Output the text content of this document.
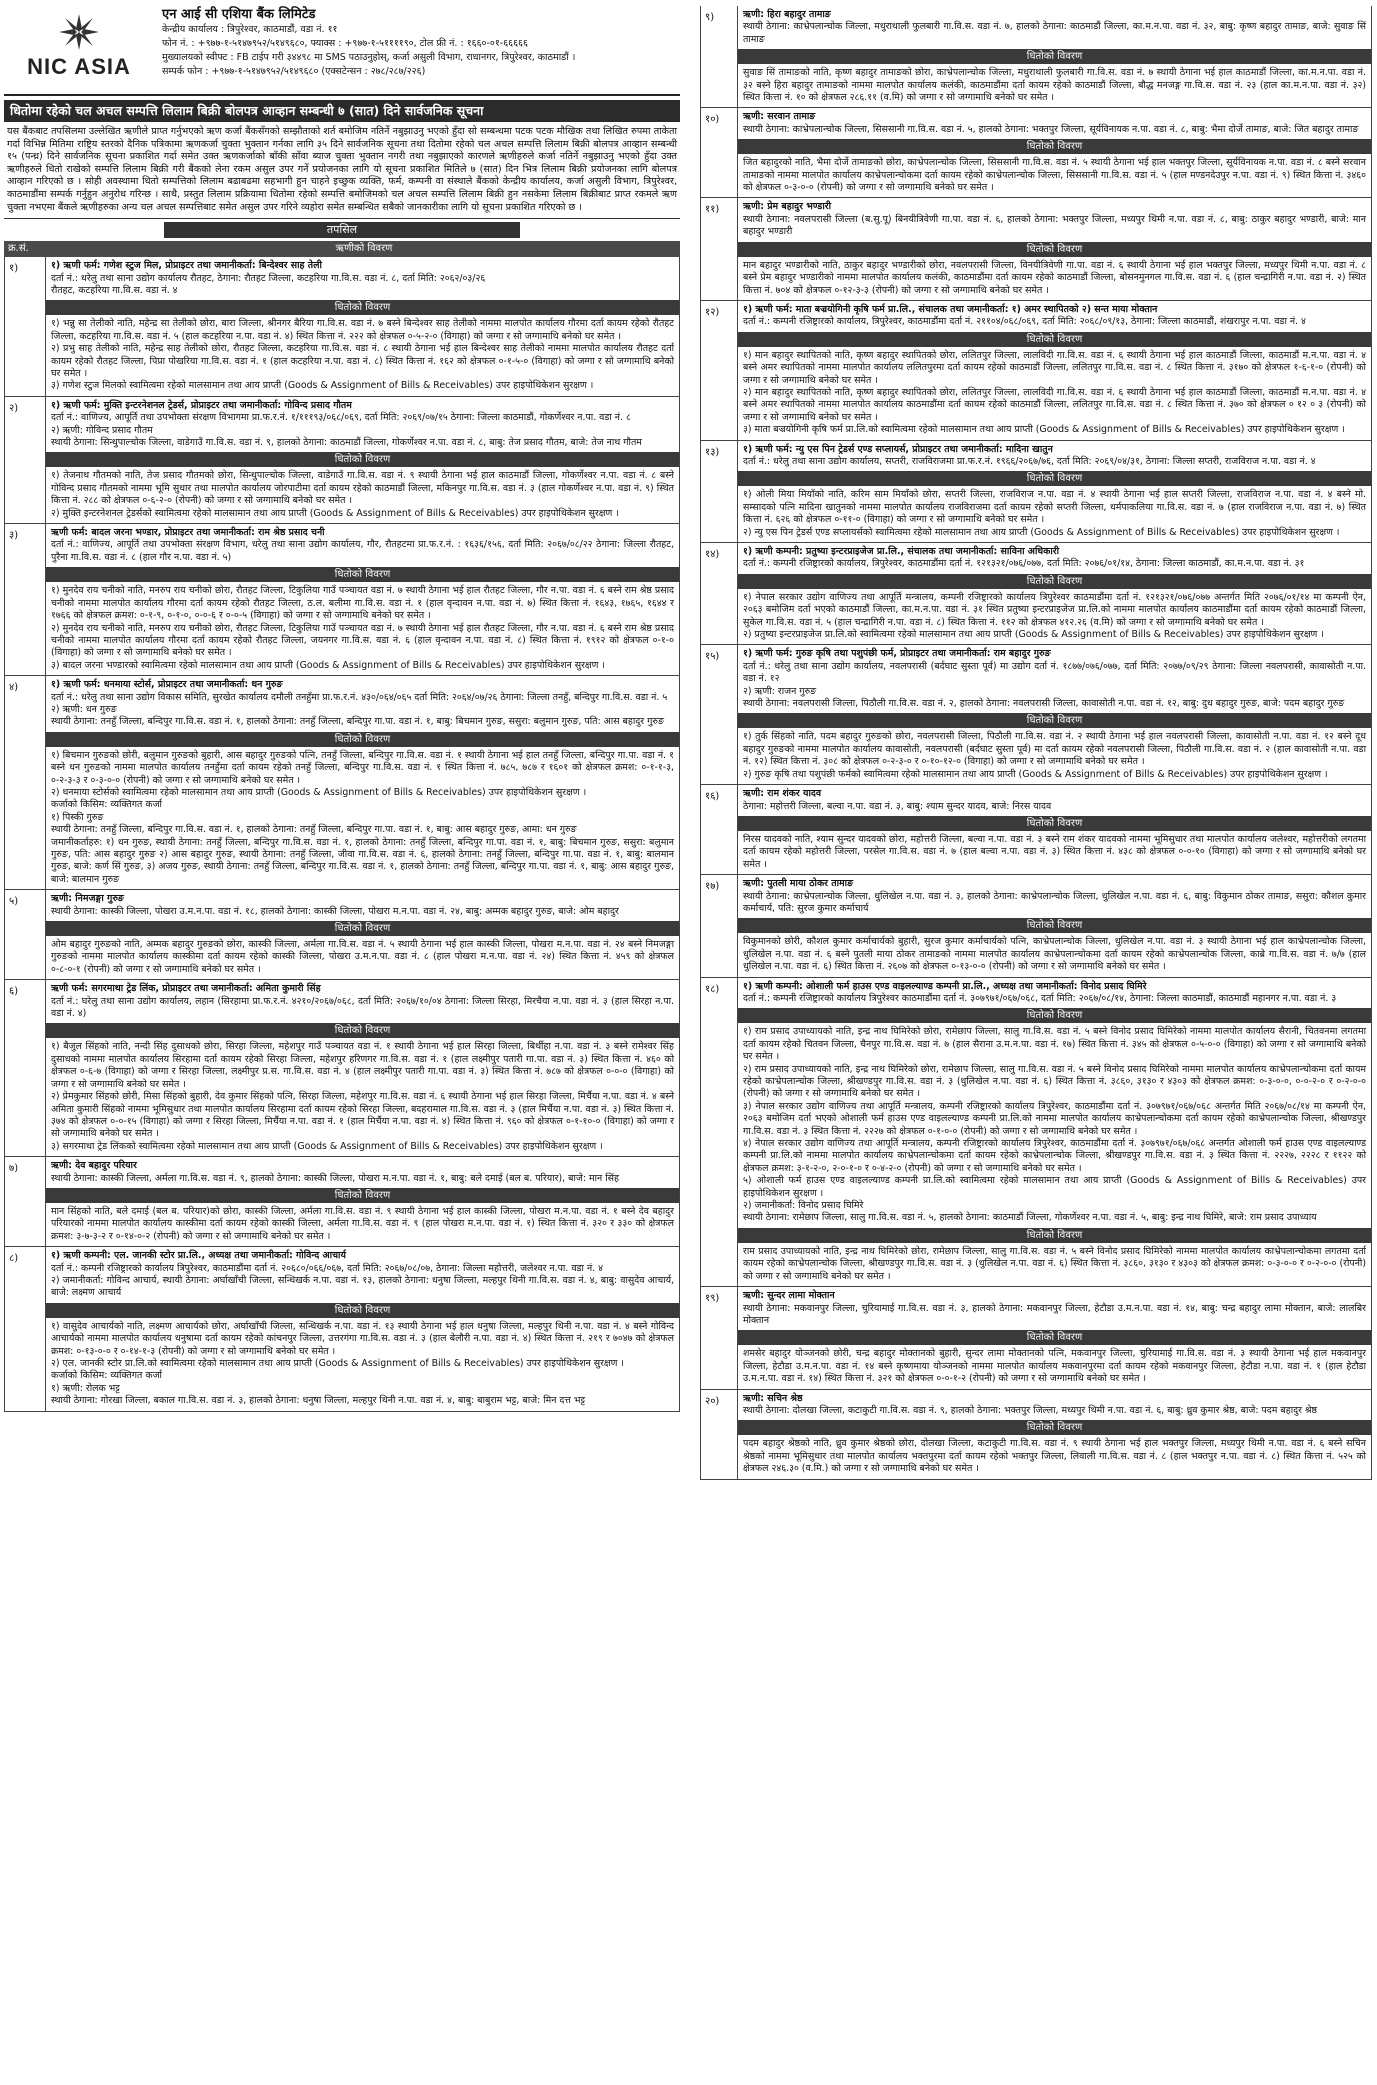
NIC ASIA
एन आई सी एशिया बैंक लिमिटेड
केन्द्रीय कार्यालय : त्रिपुरेश्वर, काठमाडौं, वडा नं. ११
फोन नं. : +९७७-१-५१४७९५२/५१४९६८०, फ्याक्स : +९७७-१-५११११९०, टोल फ्री नं. : १६६०-०१-६६६६६
मुख्यालयको स्वीफ्ट : FB टाईप गरी ३४४९८ मा SMS पठाउनुहोस्, कर्जा असुली विभाग, राधानगर, त्रिपुरेश्वर, काठमाडौं ।
सम्पर्क फोन : +९७७-१-५१४७९५२/५१४९६८० (एक्सटेन्सन : २७८/२८७/२२६)
धितोमा रहेको चल अचल सम्पत्ति लिलाम बिक्री बोलपत्र आव्हान सम्बन्धी ७ (सात) दिने सार्वजनिक सूचना
यस बैंकबाट तपसिलमा उल्लेखित ऋणीले प्राप्त गर्नुभएको ऋण कर्जा बैंकसँगको सम्झौताको शर्त बमोजिम नतिर्ने नबुझाउनु भएको हुँदा सो सम्बन्धमा पटक पटक मौखिक तथा लिखित रुपमा ताकेता गर्दा विभिन्न मितिमा राष्ट्रिय स्तरको दैनिक पत्रिकामा ऋणकर्जा चुक्ता भुक्तान गर्नका लागि ३५ दिने सार्वजनिक सूचना तथा दितोमा रहेको चल अचल सम्पत्ति लिलाम बिक्री बोलपत्र आव्हान सम्बन्धी १५ (पन्ध्र) दिने सार्वजनिक सूचना प्रकाशित गर्दा समेत उक्त ऋणकर्जाको बाँकी साँवा ब्याज चुक्ता भुक्तान नगरी तथा नबुझाएको कारणले ऋणीहरुले कर्जा नतिर्ने नबुझाउनु भएको हुँदा उक्त ऋणीहरुले धितो राखेको सम्पत्ति लिलाम बिक्री गरी बैंकको लेना रकम असुल उपर गर्ने प्रयोजनका लागि यो सूचना प्रकाशित मितिले ७ (सात) दिन भित्र लिलाम बिक्री प्रयोजनका लागि बोलपत्र आव्हान गरिएको छ । सोही अवस्थामा धितो सम्पत्तिको लिलाम बढाबढमा सहभागी हुन चाहने इच्छुक व्यक्ति, फर्म, कम्पनी वा संस्थाले बैंकको केन्द्रीय कार्यालय, कर्जा असुली विभाग, त्रिपुरेश्वर, काठमाडौंमा सम्पर्क गर्नुहुन अनुरोध गरिन्छ । साथै, प्रस्तुत लिलाम प्रक्रियामा धितोमा रहेको सम्पत्ति बमोजिमको चल अचल सम्पत्ति लिलाम बिक्री हुन नसकेमा लिलाम बिक्रीबाट प्राप्त रकमले ऋण चुक्ता नभएमा बैंकले ऋणीहरुका अन्य चल अचल सम्पत्तिबाट समेत असुल उपर गरिने व्यहोरा समेत सम्बन्धित सबैको जानकारीका लागि यो सूचना प्रकाशित गरिएको छ ।
तपसिल
क्र.सं.	ऋणीको विवरण
१)	१) ऋणी फर्म: गणेश स्टुज मिल, प्रोप्राइटर तथा जमानीकर्ता: बिन्देश्वर साह तेली
दर्ता नं.: धरेलु तथा साना उद्योग कार्यालय रौतहट, ठेगाना: रौतहट जिल्ला, कटहरिया गा.वि.स. वडा नं. ८, दर्ता मिति: २०६२/०३/२६
रौतहट, कटहरिया गा.वि.स. वडा नं. ४
धितोको विवरण
१) भन्नु सा तेलीको नाति, महेन्द्र सा तेलीको छोरा, बारा जिल्ला, श्रीनगर बैरिया गा.वि.स. वडा नं. ७ बस्ने बिन्देश्वर साह तेलीको नाममा मालपोत कार्यालय गौरमा दर्ता कायम रहेको रौतहट जिल्ला, कटहरिया गा.वि.स. वडा नं. ५ (हाल कटहरिया न.पा. वडा नं. ४) स्थित कित्ता नं. २२२ को क्षेत्रफल ०-५-२-० (विगाहा) को जग्गा र सो जग्गामाथि बनेको घर समेत ।
२) प्रभु साह तेलीको नाति, महेन्द्र साह तेलीको छोरा, रौतहट जिल्ला, कटहरिया गा.वि.स. वडा नं. ८ स्थायी ठेगाना भई हाल बिन्देश्वर साह तेलीको नाममा मालपोत कार्यालय रौतहट दर्ता कायम रहेको रौतहट जिल्ला, पिप्रा पोखरिया गा.वि.स. वडा नं. १ (हाल कटहरिया न.पा. वडा नं. ८) स्थित कित्ता नं. १६२ को क्षेत्रफल ०-१-५-० (विगाहा) को जग्गा र सो जग्गामाथि बनेको घर समेत ।
३) गणेश स्टुज मिलको स्वामित्वमा रहेको मालसामान तथा आय प्राप्ती (Goods & Assignment of Bills & Receivables) उपर हाइपोथिकेशन सुरक्षण ।
२)	१) ऋणी फर्म: मुक्ति इन्टरनेशनल ट्रेडर्स, प्रोप्राइटर तथा जमानीकर्ता: गोविन्द प्रसाद गौतम
दर्ता नं.: वाणिज्य, आपूर्ति तथा उपभोक्ता संरक्षण विभागमा प्रा.फ.र.नं. १/१११९३/०६८/०६९, दर्ता मिति: २०६९/०७/१५ ठेगाना: जिल्ला काठमाडौं, गोकर्णेश्वर न.पा. वडा नं. ८
२) ऋणी: गोविन्द प्रसाद गौतम
स्थायी ठेगाना: सिन्धुपाल्चोक जिल्ला, वाडेगाउँ गा.वि.स. वडा नं. ९, हालको ठेगाना: काठमाडौं जिल्ला, गोकर्णेश्वर न.पा. वडा नं. ८, बाबु: तेज प्रसाद गौतम, बाजे: तेज नाथ गौतम
धितोको विवरण
१) तेजनाथ गौतमको नाति, तेज प्रसाद गौतमको छोरा, सिन्धुपाल्चोक जिल्ला, वाडेगाउँ गा.वि.स. वडा नं. ९ स्थायी ठेगाना भई हाल काठमाडौं जिल्ला, गोकर्णेश्वर न.पा. वडा नं. ८ बस्ने गोविन्द प्रसाद गौतमको नाममा भूमि सुधार तथा मालपोत कार्यालय जोरपाटीमा दर्ता कायम रहेको काठमाडौं जिल्ला, मकिनपुर गा.वि.स. वडा नं. ३ (हाल गोकर्णेश्वर न.पा. वडा नं. ९) स्थित कित्ता नं. २८८ को क्षेत्रफल ०-६-२-० (रोपनी) को जग्गा र सो जग्गामाथि बनेको घर समेत ।
२) मुक्ति इन्टरनेशनल ट्रेडर्सको स्वामित्वमा रहेको मालसामान तथा आय प्राप्ती (Goods & Assignment of Bills & Receivables) उपर हाइपोथिकेशन सुरक्षण ।
३)	ऋणी फर्म: बादल जरना भण्डार, प्रोप्राइटर तथा जमानीकर्ता: राम श्रेष्ठ प्रसाद चनी
दर्ता नं.: वाणिज्य, आपूर्ति तथा उपभोक्ता संरक्षण विभाग, धरेलु तथा साना उद्योग कार्यालय, गौर, रौतहटमा प्रा.फ.र.नं. : १६३६/१५६, दर्ता मिति: २०६७/०८/२२ ठेगाना: जिल्ला रौतहट, पुरैना गा.वि.स. वडा नं. ८ (हाल गौर न.पा. वडा नं. ५)
धितोको विवरण
१) मुनदेव राय चनीको नाति, मनरुप राय चनीको छोरा, रौतहट जिल्ला, टिकुलिया गाउँ पञ्चायत वडा नं. ७ स्थायी ठेगाना भई हाल रौतहट जिल्ला, गौर न.पा. वडा नं. ६ बस्ने राम श्रेष्ठ प्रसाद चनीको नाममा मालपोत कार्यालय गौरमा दर्ता कायम रहेको रौतहट जिल्ला, ठ.ल. बलीमा गा.वि.स. वडा नं. १ (हाल वृन्दावन न.पा. वडा नं. ७) स्थित कित्ता नं. १६४३, १७६५, १६४४ र १७६६ को क्षेत्रफल क्रमश: ०-१-९, ०-१-०, ०-०-६ र ०-०-५ (विगाहा) को जग्गा र सो जग्गामाथि बनेको घर समेत ।
२) मुनदेव राय चनीको नाति, मनरुप राय चनीको छोरा, रौतहट जिल्ला, टिकुलिया गाउँ पञ्चायत वडा नं. ७ स्थायी ठेगाना भई हाल रौतहट जिल्ला, गौर न.पा. वडा नं. ६ बस्ने राम श्रेष्ठ प्रसाद चनीको नाममा मालपोत कार्यालय गौरमा दर्ता कायम रहेको रौतहट जिल्ला, जयनगर गा.वि.स. वडा नं. ६ (हाल वृन्दावन न.पा. वडा नं. ८) स्थित कित्ता नं. १९१२ को क्षेत्रफल ०-१-० (विगाहा) को जग्गा र सो जग्गामाथि बनेको घर समेत ।
३) बादल जरना भण्डारको स्वामित्वमा रहेको मालसामान तथा आय प्राप्ती (Goods & Assignment of Bills & Receivables) उपर हाइपोथिकेशन सुरक्षण ।
४)	१) ऋणी फर्म: धनमाया स्टोर्स, प्रोप्राइटर तथा जमानीकर्ता: धन गुरुङ
दर्ता नं.: धरेलु तथा साना उद्योग विकास समिति, सुरखेत कार्यालय दमौली तनहुँमा प्रा.फ.र.नं. ४३०/०६४/०६५ दर्ता मिति: २०६४/०७/२६ ठेगाना: जिल्ला तनहुँ, बन्दिपुर गा.वि.स. वडा नं. ५
२) ऋणी: धन गुरुङ
स्थायी ठेगाना: तनहुँ जिल्ला, बन्दिपुर गा.वि.स. वडा नं. १, हालको ठेगाना: तनहुँ जिल्ला, बन्दिपुर गा.पा. वडा नं. १, बाबु: बिचमान गुरुङ, ससुरा: बलुमान गुरुङ, पति: आस बहादुर गुरुङ
धितोको विवरण
१) बिचमान गुरुङको छोरी, बलुमान गुरुङको बुहारी, आस बहादुर गुरुङको पत्नि, तनहुँ जिल्ला, बन्दिपुर गा.वि.स. वडा नं. १ स्थायी ठेगाना भई हाल तनहुँ जिल्ला, बन्दिपुर गा.पा. वडा नं. १ बस्ने धन गुरुङको नाममा मालपोत कार्यालय तनहुँमा दर्ता कायम रहेको तनहुँ जिल्ला, बन्दिपुर गा.वि.स. वडा नं. १ स्थित कित्ता नं. ७८५, ७८७ र १६०१ को क्षेत्रफल क्रमश: ०-१-१-३, ०-२-३-३ र ०-३-०-० (रोपनी) को जग्गा र सो जग्गामाथि बनेको घर समेत ।
२) धनमाया स्टोर्सको स्वामित्वमा रहेको मालसामान तथा आय प्राप्ती (Goods & Assignment of Bills & Receivables) उपर हाइपोथिकेशन सुरक्षण ।
कर्जाको किसिम: व्यक्तिगत कर्जा
१) पिस्की गुरुङ
स्थायी ठेगाना: तनहुँ जिल्ला, बन्दिपुर गा.वि.स. वडा नं. १, हालको ठेगाना: तनहुँ जिल्ला, बन्दिपुर गा.पा. वडा नं. १, बाबु: आस बहादुर गुरुङ, आमा: धन गुरुङ
जमानीकर्ताहरु: १) धन गुरुङ, स्थायी ठेगाना: तनहुँ जिल्ला, बन्दिपुर गा.वि.स. वडा नं. १, हालको ठेगाना: तनहुँ जिल्ला, बन्दिपुर गा.पा. वडा नं. १, बाबु: बिचमान गुरुङ, ससुरा: बलुमान गुरुङ, पति: आस बहादुर गुरुङ २) आस बहादुर गुरुङ, स्थायी ठेगाना: तनहुँ जिल्ला, जीवा गा.वि.स. वडा नं. ६, हालको ठेगाना: तनहुँ जिल्ला, बन्दिपुर गा.पा. वडा नं. १, बाबु: बालमान गुरुङ, बाजे: कर्ण सिं गुरुङ, ३) अजय गुरुङ, स्थायी ठेगाना: तनहुँ जिल्ला, बन्दिपुर गा.वि.स. वडा नं. १, हालको ठेगाना: तनहुँ जिल्ला, बन्दिपुर गा.पा. वडा नं. १, बाबु: आस बहादुर गुरुङ, बाजे: बालमान गुरुङ
५)	ऋणी: निमजङ्गा गुरुङ
स्थायी ठेगाना: कास्की जिल्ला, पोखरा उ.म.न.पा. वडा नं. १८, हालको ठेगाना: कास्की जिल्ला, पोखरा म.न.पा. वडा नं. २४, बाबु: अम्मक बहादुर गुरुङ, बाजे: ओम बहादुर
धितोको विवरण
ओम बहादुर गुरुङको नाति, अम्मक बहादुर गुरुङको छोरा, कास्की जिल्ला, अर्मला गा.वि.स. वडा नं. ५ स्थायी ठेगाना भई हाल कास्की जिल्ला, पोखरा म.न.पा. वडा नं. २४ बस्ने निमजङ्गा गुरुङको नाममा मालपोत कार्यालय कास्कीमा दर्ता कायम रहेको कास्की जिल्ला, पोखरा उ.म.न.पा. वडा नं. ८ (हाल पोखरा म.न.पा. वडा नं. २४) स्थित कित्ता नं. ४५९ को क्षेत्रफल ०-८-०-१ (रोपनी) को जग्गा र सो जग्गामाथि बनेको घर समेत ।
६)	ऋणी फर्म: सगरमाथा ट्रेड लिंक, प्रोप्राइटर तथा जमानीकर्ता: अमिता कुमारी सिंह
दर्ता नं.: घरेलु तथा साना उद्योग कार्यालय, लहान (सिरहामा प्रा.फ.र.नं. ४२१०/२०६७/०६८, दर्ता मिति: २०६७/१०/०४ ठेगाना: जिल्ला सिरहा, मिरचैया न.पा. वडा नं. ३ (हाल सिरहा न.पा. वडा नं. ४)
धितोको विवरण
१) बैजुल सिंहको नाति, नन्दी सिंह दुसाधको छोरा, सिरहा जिल्ला, महेशपुर गाउँ पञ्चायत वडा नं. १ स्थायी ठेगाना भई हाल सिरहा जिल्ला, बिर्थीहा न.पा. वडा नं. ३ बस्ने रामेश्वर सिंह दुसाधको नाममा मालपोत कार्यालय सिरहामा दर्ता कायम रहेको सिरहा जिल्ला, महेशपुर हरिणगर गा.वि.स. वडा नं. १ (हाल लक्ष्मीपुर पतारी गा.पा. वडा नं. ३) स्थित कित्ता नं. ४६० को क्षेत्रफल ०-६-७ (विगाहा) को जग्गा र सिरहा जिल्ला, लक्ष्मीपुर प्र.स. गा.वि.स. वडा नं. ४ (हाल लक्ष्मीपुर पतारी गा.पा. वडा नं. ३) स्थित कित्ता नं. ७८७ को क्षेत्रफल ०-०-० (विगाहा) को जग्गा र सो जग्गामाथि बनेको घर समेत ।
२) प्रेमकुमार सिंहको छोरी, मिसा सिंहको बुहारी, देव कुमार सिंहको पत्नि, सिरहा जिल्ला, महेशपुर गा.वि.स. वडा नं. ६ स्थायी ठेगाना भई हाल सिरहा जिल्ला, मिर्चैया न.पा. वडा नं. ४ बस्ने अमिता कुमारी सिंहको नाममा भूमिसुधार तथा मालपोत कार्यालय सिरहामा दर्ता कायम रहेको सिरहा जिल्ला, बदहरामाल गा.वि.स. वडा नं. ३ (हाल मिर्चैया न.पा. वडा नं. ३) स्थित कित्ता नं. ३७४ को क्षेत्रफल ०-०-१५ (विगाहा) को जग्गा र सिरहा जिल्ला, मिर्चैया न.पा. वडा नं. १ (हाल मिर्चैया न.पा. वडा नं. ४) स्थित कित्ता नं. ९६० को क्षेत्रफल ०-१-१०-० (विगाहा) को जग्गा र सो जग्गामाथि बनेको घर समेत ।
३) सगरमाथा ट्रेड लिंकको स्वामित्वमा रहेको मालसामान तथा आय प्राप्ती (Goods & Assignment of Bills & Receivables) उपर हाइपोथिकेशन सुरक्षण ।
७)	ऋणी: देव बहादुर परियार
स्थायी ठेगाना: कास्की जिल्ला, अर्मला गा.वि.स. वडा नं. ९, हालको ठेगाना: कास्की जिल्ला, पोखरा म.न.पा. वडा नं. १, बाबु: बले दमाई (बल ब. परियार), बाजे: मान सिंह
धितोको विवरण
मान सिंहको नाति, बले दमाई (बल ब. परियार)को छोरा, कास्की जिल्ला, अर्मला गा.वि.स. वडा नं. ९ स्थायी ठेगाना भई हाल कास्की जिल्ला, पोखरा म.न.पा. वडा नं. १ बस्ने देव बहादुर परियारको नाममा मालपोत कार्यालय कास्कीमा दर्ता कायम रहेको कास्की जिल्ला, अर्मला गा.वि.स. वडा नं. ९ (हाल पोखरा म.न.पा. वडा नं. १) स्थित कित्ता नं. ३२० र ३३० को क्षेत्रफल क्रमश: ३-७-३-२ र ०-१४-०-२ (रोपनी) को जग्गा र सो जग्गामाथि बनेको घर समेत ।
८)	१) ऋणी कम्पनी: एल. जानकी स्टोर प्रा.लि., अध्यक्ष तथा जमानीकर्ता: गोविन्द आचार्य
दर्ता नं.: कम्पनी रजिष्ट्रारको कार्यालय त्रिपुरेश्वर, काठमाडौंमा दर्ता नं. २०६८०/०६६/०६७, दर्ता मिति: २०६७/०८/०७, ठेगाना: जिल्ला महोत्तरी, जलेश्वर न.पा. वडा नं. ४
२) जमानीकर्ता: गोविन्द आचार्य, स्थायी ठेगाना: अर्घाखाँची जिल्ला, सन्धिखर्क न.पा. वडा नं. १३, हालको ठेगाना: धनुषा जिल्ला, मल्हपुर थिनी गा.वि.स. वडा नं. ४, बाबु: वासुदेव आचार्य, बाजे: लक्ष्मण आचार्य
धितोको विवरण
१) वासुदेव आचार्यको नाति, लक्ष्मण आचार्यको छोरा, अर्घाखाँची जिल्ला, सन्धिखर्क न.पा. वडा नं. १३ स्थायी ठेगाना भई हाल धनुषा जिल्ला, मल्हपुर थिनी न.पा. वडा नं. ४ बस्ने गोविन्द आचार्यको नाममा मालपोत कार्यालय धनुषामा दर्ता कायम रहेको कांचनपुर जिल्ला, उत्तरगंगा गा.वि.स. वडा नं. ३ (हाल बेलौरी न.पा. वडा नं. ४) स्थित कित्ता नं. २१९ र ७०४७ को क्षेत्रफल क्रमश: ०-१३-०-० र ०-१४-१-३ (रोपनी) को जग्गा र सो जग्गामाथि बनेको घर समेत ।
२) एल. जानकी स्टोर प्रा.लि.को स्वामित्वमा रहेको मालसामान तथा आय प्राप्ती (Goods & Assignment of Bills & Receivables) उपर हाइपोथिकेशन सुरक्षण ।
कर्जाको किसिम: व्यक्तिगत कर्जा
१) ऋणी: रोलक भट्ट
स्थायी ठेगाना: गोरखा जिल्ला, बकाल गा.वि.स. वडा नं. ३, हालको ठेगाना: धनुषा जिल्ला, मल्हपुर थिनी न.पा. वडा नं. ४, बाबु: बाबुराम भट्ट, बाजे: मिन दत्त भट्ट
९)	ऋणी: हिरा बहादुर तामाङ
स्थायी ठेगाना: काभ्रेपलान्चोक जिल्ला, मधुराथाली फुलबारी गा.वि.स. वडा नं. ७, हालको ठेगाना: काठमाडौं जिल्ला, का.म.न.पा. वडा नं. ३२, बाबु: कृष्ण बहादुर तामाङ, बाजे: सुवाङ सिं तामाङ
धितोको विवरण
सुवाङ सिं तामाङको नाति, कृष्ण बहादुर तामाङको छोरा, काभ्रेपलान्चोक जिल्ला, मधुराथाली फुलबारी गा.वि.स. वडा नं. ७ स्थायी ठेगाना भई हाल काठमाडौं जिल्ला, का.म.न.पा. वडा नं. ३२ बस्ने हिरा बहादुर तामाङको नाममा मालपोत कार्यालय कलंकी, काठमाडौंमा दर्ता कायम रहेको काठमाडौं जिल्ला, बौद्ध मनजङ्ग गा.वि.स. वडा नं. २३ (हाल का.म.न.पा. वडा नं. ३२) स्थित कित्ता नं. १० को क्षेत्रफल २८६.११ (व.मि) को जग्गा र सो जग्गामाथि बनेको घर समेत ।
१०)	ऋणी: सरवान तामाङ
स्थायी ठेगाना: काभ्रेपलान्चोक जिल्ला, सिससानी गा.वि.स. वडा नं. ५, हालको ठेगाना: भक्तपुर जिल्ला, सूर्यविनायक न.पा. वडा नं. ८, बाबु: भैमा दोर्जे तामाङ, बाजे: जित बहादुर तामाङ
धितोको विवरण
जित बहादुरको नाति, भैमा दोर्जे तामाङको छोरा, काभ्रेपलान्चोक जिल्ला, सिससानी गा.वि.स. वडा नं. ५ स्थायी ठेगाना भई हाल भक्तपुर जिल्ला, सूर्यविनायक न.पा. वडा नं. ८ बस्ने सरवान तामाङको नाममा मालपोत कार्यालय काभ्रेपलान्चोकमा दर्ता कायम रहेको काभ्रेपलान्चोक जिल्ला, सिससानी गा.वि.स. वडा नं. ५ (हाल मण्डनदेउपुर न.पा. वडा नं. ९) स्थित कित्ता नं. ३४६० को क्षेत्रफल ०-३-०-० (रोपनी) को जग्गा र सो जग्गामाथि बनेको घर समेत ।
११)	ऋणी: प्रेम बहादुर भण्डारी
स्थायी ठेगाना: नवलपरासी जिल्ला (ब.सु.पू) बिनयीत्रिवेणी गा.पा. वडा नं. ६, हालको ठेगाना: भक्तपुर जिल्ला, मध्यपुर थिमी न.पा. वडा नं. ८, बाबु: ठाकुर बहादुर भण्डारी, बाजे: मान बहादुर भण्डारी
धितोको विवरण
मान बहादुर भण्डारीको नाति, ठाकुर बहादुर भण्डारीको छोरा, नवलपरासी जिल्ला, विनयीत्रिवेणी गा.पा. वडा नं. ६ स्थायी ठेगाना भई हाल भक्तपुर जिल्ला, मध्यपुर थिमी न.पा. वडा नं. ८ बस्ने प्रेम बहादुर भण्डारीको नाममा मालपोत कार्यालय कलंकी, काठमाडौंमा दर्ता कायम रहेको काठमाडौं जिल्ला, बोसनमुनगल गा.वि.स. वडा नं. ६ (हाल चन्द्रागिरी न.पा. वडा नं. २) स्थित कित्ता नं. ७०४ को क्षेत्रफल ०-१२-३-३ (रोपनी) को जग्गा र सो जग्गामाथि बनेको घर समेत ।
१२)	१) ऋणी फर्म: माता बज्रयोगिनी कृषि फर्म प्रा.लि., संचालक तथा जमानीकर्ता: १) अमर स्थापितको २) सन्त माया मोक्तान
दर्ता नं.: कम्पनी रजिष्ट्रारको कार्यालय, त्रिपुरेश्वर, काठमाडौंमा दर्ता नं. २११०४/०६८/०६९, दर्ता मिति: २०६८/०९/१३, ठेगाना: जिल्ला काठमाडौं, शंखरापुर न.पा. वडा नं. ४
धितोको विवरण
१) मान बहादुर स्थापितको नाति, कृष्ण बहादुर स्थापितको छोरा, ललितपुर जिल्ला, लालविदी गा.वि.स. वडा नं. ६ स्थायी ठेगाना भई हाल काठमाडौं जिल्ला, काठमाडौं म.न.पा. वडा नं. ४ बस्ने अमर स्थापितको नाममा मालपोत कार्यालय ललितपुरमा दर्ता कायम रहेको काठमाडौं जिल्ला, ललितपुर गा.वि.स. वडा नं. ८ स्थित कित्ता नं. ३१७० को क्षेत्रफल १-६-१-० (रोपनी) को जग्गा र सो जग्गामाथि बनेको घर समेत ।
२) मान बहादुर स्थापितको नाति, कृष्ण बहादुर स्थापितको छोरा, ललितपुर जिल्ला, लालविदी गा.वि.स. वडा नं. ६ स्थायी ठेगाना भई हाल काठमाडौं जिल्ला, काठमाडौं म.न.पा. वडा नं. ४ बस्ने अमर स्थापितको नाममा मालपोत कार्यालय काठमाडौंमा दर्ता कायम रहेको काठमाडौं जिल्ला, ललितपुर गा.वि.स. वडा नं. ८ स्थित कित्ता नं. ३७० को क्षेत्रफल ० १२ ० ३ (रोपनी) को जग्गा र सो जग्गामाथि बनेको घर समेत ।
३) माता बज्रयोगिनी कृषि फर्म प्रा.लि.को स्वामित्वमा रहेको मालसामान तथा आय प्राप्ती (Goods & Assignment of Bills & Receivables) उपर हाइपोथिकेशन सुरक्षण ।
१३)	१) ऋणी फर्म: न्यु एस पिन ट्रेडर्स एण्ड सप्लायर्स, प्रोप्राइटर तथा जमानीकर्ता: मादिना खातुन
दर्ता नं.: धरेलु तथा साना उद्योग कार्यालय, सप्तरी, राजविराजमा प्रा.फ.र.नं. १९६६/२०६७/७६, दर्ता मिति: २०६९/०४/३१, ठेगाना: जिल्ला सप्तरी, राजविराज न.पा. वडा नं. ४
धितोको विवरण
१) ओली मिया मियाँको नाति, करिम साम मियाँको छोरा, सप्तरी जिल्ला, राजविराज न.पा. वडा नं. ४ स्थायी ठेगाना भई हाल सप्तरी जिल्ला, राजविराज न.पा. वडा नं. ४ बस्ने मो. सम्सादको पत्नि मादिना खातुनको नाममा मालपोत कार्यालय राजविराजमा दर्ता कायम रहेको सप्तरी जिल्ला, धर्मपाकलिया गा.वि.स. वडा नं. ७ (हाल राजविराज न.पा. वडा नं. ७) स्थित कित्ता नं. ६२६ को क्षेत्रफल ०-११-० (विगाहा) को जग्गा र सो जग्गामाथि बनेको घर समेत ।
२) न्यु एस पिन ट्रेडर्स एण्ड सप्लायर्सको स्वामित्वमा रहेको मालसामान तथा आय प्राप्ती (Goods & Assignment of Bills & Receivables) उपर हाइपोथिकेशन सुरक्षण ।
१४)	१) ऋणी कम्पनी: प्रतुष्या इन्टरप्राइजेज प्रा.लि., संचालक तथा जमानीकर्ता: साविना अधिकारी
दर्ता नं.: कम्पनी रजिष्ट्रारको कार्यालय, त्रिपुरेश्वर, काठमाडौंमा दर्ता नं. १२१३२१/०७६/०७७, दर्ता मिति: २०७६/०१/१४, ठेगाना: जिल्ला काठमाडौं, का.म.न.पा. वडा नं. ३१
धितोको विवरण
१) नेपाल सरकार उद्योग वाणिज्य तथा आपूर्ति मन्त्रालय, कम्पनी रजिष्ट्रारको कार्यालय त्रिपुरेश्वर काठमाडौंमा दर्ता नं. १२१३२१/०७६/०७७ अन्तर्गत मिति २०७६/०१/१४ मा कम्पनी ऐन, २०६३ बमोजिम दर्ता भएको काठमाडौं जिल्ला, का.म.न.पा. वडा नं. ३१ स्थित प्रतुष्या इन्टरप्राइजेज प्रा.लि.को नाममा मालपोत कार्यालय काठमाडौंमा दर्ता कायम रहेको काठमाडौं जिल्ला, सुकेल गा.वि.स. वडा नं. ५ (हाल चन्द्रागिरी न.पा. वडा नं. ८) स्थित कित्ता नं. ११२ को क्षेत्रफल ४१२.२६ (व.मि) को जग्गा र सो जग्गामाथि बनेको घर समेत ।
२) प्रतुष्या इन्टरप्राइजेज प्रा.लि.को स्वामित्वमा रहेको मालसामान तथा आय प्राप्ती (Goods & Assignment of Bills & Receivables) उपर हाइपोथिकेशन सुरक्षण ।
१५)	१) ऋणी फर्म: गुरुङ कृषि तथा पशुपंछी फर्म, प्रोप्राइटर तथा जमानीकर्ता: राम बहादुर गुरुङ
दर्ता नं.: धरेलु तथा साना उद्योग कार्यालय, नवलपरासी (बर्दघाट सुस्ता पूर्व) मा उद्योग दर्ता नं. १८७७/०७६/०७७, दर्ता मिति: २०७७/०९/२९ ठेगाना: जिल्ला नवलपरासी, कावासोती न.पा. वडा नं. १२
२) ऋणी: राजन गुरुङ
स्थायी ठेगाना: नवलपरासी जिल्ला, पिठौली गा.वि.स. वडा नं. २, हालको ठेगाना: नवलपरासी जिल्ला, कावासोती न.पा. वडा नं. १२, बाबु: दुध बहादुर गुरुङ, बाजे: पदम बहादुर गुरुङ
धितोको विवरण
१) तुर्क सिंहको नाति, पदम बहादुर गुरुङको छोरा, नवलपरासी जिल्ला, पिठौली गा.वि.स. वडा नं. २ स्थायी ठेगाना भई हाल नवलपरासी जिल्ला, कावासोती न.पा. वडा नं. १२ बस्ने दूध बहादुर गुरुङको नाममा मालपोत कार्यालय कावासोती, नवलपरासी (बर्दघाट सुस्ता पूर्व) मा दर्ता कायम रहेको नवलपरासी जिल्ला, पिठौली गा.वि.स. वडा नं. २ (हाल कावासोती न.पा. वडा नं. १२) स्थित कित्ता नं. ३०८ को क्षेत्रफल ०-२-३-० र ०-१०-१२-० (विगाहा) को जग्गा र सो जग्गामाथि बनेको घर समेत ।
२) गुरुङ कृषि तथा पशुपंछी फर्मको स्वामित्वमा रहेको मालसामान तथा आय प्राप्ती (Goods & Assignment of Bills & Receivables) उपर हाइपोथिकेशन सुरक्षण ।
१६)	ऋणी: राम शंकर यादव
ठेगाना: महोत्तरी जिल्ला, बल्वा न.पा. वडा नं. ३, बाबु: श्याम सुन्दर यादव, बाजे: निरस यादव
धितोको विवरण
निरस यादवको नाति, श्याम सुन्दर यादवको छोरा, महोत्तरी जिल्ला, बल्वा न.पा. वडा नं. ३ बस्ने राम शंकर यादवको नाममा भूमिसुधार तथा मालपोत कार्यालय जलेश्वर, महोत्तरीको लगतमा दर्ता कायम रहेको महोत्तरी जिल्ला, परसेल गा.वि.स. वडा नं. ७ (हाल बल्वा न.पा. वडा नं. ३) स्थित कित्ता नं. ४३८ को क्षेत्रफल ०-०-१० (विगाहा) को जग्गा र सो जग्गामाथि बनेको घर समेत ।
१७)	ऋणी: पुतली माया ठोकर तामाङ
स्थायी ठेगाना: काभ्रेपलान्चोक जिल्ला, धुलिखेल न.पा. वडा नं. ३, हालको ठेगाना: काभ्रेपलान्चोक जिल्ला, धुलिखेल न.पा. वडा नं. ६, बाबु: विकुमान ठोकर तामाङ, ससुरा: कौशल कुमार कर्माचार्य, पति: सुरज कुमार कर्माचार्य
धितोको विवरण
विकुमानको छोरी, कौशल कुमार कर्माचार्यको बुहारी, सुरज कुमार कर्माचार्यको पत्नि, काभ्रेपलान्चोक जिल्ला, धुलिखेल न.पा. वडा नं. ३ स्थायी ठेगाना भई हाल काभ्रेपलान्चोक जिल्ला, धुलिखेल न.पा. वडा नं. ६ बस्ने पुतली माया ठोकर तामाङको नाममा मालपोत कार्यालय काभ्रेपलान्चोकमा दर्ता कायम रहेको काभ्रेपलान्चोक जिल्ला, काब्रे गा.वि.स. वडा नं. ७/७ (हाल धुलिखेल न.पा. वडा नं. ६) स्थित कित्ता नं. २६०७ को क्षेत्रफल ०-१३-०-० (रोपनी) को जग्गा र सो जग्गामाथि बनेको घर समेत ।
१८)	१) ऋणी कम्पनी: ओशाली फर्म हाउस एण्ड वाइलल्याण्ड कम्पनी प्रा.लि., अध्यक्ष तथा जमानीकर्ता: विनोद प्रसाद घिमिरे
दर्ता नं.: कम्पनी रजिष्ट्रारको कार्यालय त्रिपुरेश्वर काठमाडौंमा दर्ता नं. ३०७९७१/०६७/०६८, दर्ता मिति: २०६७/०८/१४, ठेगाना: जिल्ला काठमाडौं, काठमाडौं महानगर न.पा. वडा नं. ३
धितोको विवरण
१) राम प्रसाद उपाध्यायको नाति, इन्द्र नाथ घिमिरेको छोरा, रामेछाप जिल्ला, सालु गा.वि.स. वडा नं. ५ बस्ने विनोद प्रसाद घिमिरेको नाममा मालपोत कार्यालय सैरानी, चितवनमा लगतमा दर्ता कायम रहेको चितवन जिल्ला, चैनपुर गा.वि.स. वडा नं. ७ (हाल सैराना उ.म.न.पा. वडा नं. १७) स्थित कित्ता नं. ३४५ को क्षेत्रफल ०-५-०-० (विगाहा) को जग्गा र सो जग्गामाथि बनेको घर समेत ।
२) राम प्रसाद उपाध्यायको नाति, इन्द्र नाथ घिमिरेको छोरा, रामेछाप जिल्ला, सालु गा.वि.स. वडा नं. ५ बस्ने विनोद प्रसाद घिमिरेको नाममा मालपोत कार्यालय काभ्रेपलान्चोकमा दर्ता कायम रहेको काभ्रेपलान्चोक जिल्ला, श्रीखण्डपुर गा.वि.स. वडा नं. ३ (धुलिखेल न.पा. वडा नं. ६) स्थित कित्ता नं. ३८६०, ३१३० र ४३०३ को क्षेत्रफल क्रमश: ०-३-०-०, ०-०-२-० र ०-२-०-० (रोपनी) को जग्गा र सो जग्गामाथि बनेको घर समेत ।
३) नेपाल सरकार उद्योग वाणिज्य तथा आपूर्ति मन्त्रालय, कम्पनी रजिष्ट्रारको कार्यालय त्रिपुरेश्वर, काठमाडौंमा दर्ता नं. ३०७९७१/०६७/०६८ अन्तर्गत मिति २०६७/०८/१४ मा कम्पनी ऐन, २०६३ बमोजिम दर्ता भएको ओशाली फर्म हाउस एण्ड वाइलल्याण्ड कम्पनी प्रा.लि.को नाममा मालपोत कार्यालय काभ्रेपलान्चोकमा दर्ता कायम रहेको काभ्रेपलान्चोक जिल्ला, श्रीखण्डपुर गा.वि.स. वडा नं. ३ स्थित कित्ता नं. २२२७ को क्षेत्रफल ०-१-०-० (रोपनी) को जग्गा र सो जग्गामाथि बनेको घर समेत ।
४) नेपाल सरकार उद्योग वाणिज्य तथा आपूर्ति मन्त्रालय, कम्पनी रजिष्ट्रारको कार्यालय त्रिपुरेश्वर, काठमाडौंमा दर्ता नं. ३०७९७१/०६७/०६८ अन्तर्गत ओशाली फर्म हाउस एण्ड वाइलल्याण्ड कम्पनी प्रा.लि.को नाममा मालपोत कार्यालय काभ्रेपलान्चोकमा दर्ता कायम रहेको काभ्रेपलान्चोक जिल्ला, श्रीखण्डपुर गा.वि.स. वडा नं. ३ स्थित कित्ता नं. २२२७, २२२८ र ११२२ को क्षेत्रफल क्रमश: ३-१-२-०, २-०-१-० र ०-४-२-० (रोपनी) को जग्गा र सो जग्गामाथि बनेको घर समेत ।
५) ओशाली फर्म हाउस एण्ड वाइलल्याण्ड कम्पनी प्रा.लि.को स्वामित्वमा रहेको मालसामान तथा आय प्राप्ती (Goods & Assignment of Bills & Receivables) उपर हाइपोथिकेशन सुरक्षण ।
२) जमानीकर्ता: विनोद प्रसाद घिमिरे
स्थायी ठेगाना: रामेछाप जिल्ला, सालु गा.वि.स. वडा नं. ५, हालको ठेगाना: काठमाडौं जिल्ला, गोकर्णेश्वर न.पा. वडा नं. ५, बाबु: इन्द्र नाथ घिमिरे, बाजे: राम प्रसाद उपाध्याय
धितोको विवरण
राम प्रसाद उपाध्यायको नाति, इन्द्र नाथ घिमिरेको छोरा, रामेछाप जिल्ला, सालु गा.वि.स. वडा नं. ५ बस्ने विनोद प्रसाद घिमिरेको नाममा मालपोत कार्यालय काभ्रेपलान्चोकमा लगतमा दर्ता कायम रहेको काभ्रेपलान्चोक जिल्ला, श्रीखण्डपुर गा.वि.स. वडा नं. ३ (धुलिखेल न.पा. वडा नं. ६) स्थित कित्ता नं. ३८६०, ३१३० र ४३०३ को क्षेत्रफल क्रमश: ०-३-०-० र ०-२-०-० (रोपनी) को जग्गा र सो जग्गामाथि बनेको घर समेत ।
१९)	ऋणी: सुन्दर लामा मोक्तान
स्थायी ठेगाना: मकवानपुर जिल्ला, चुरियामाई गा.वि.स. वडा नं. ३, हालको ठेगाना: मकवानपुर जिल्ला, हेटौडा उ.म.न.पा. वडा नं. १४, बाबु: चन्द्र बहादुर लामा मोक्तान, बाजे: लालबिर मोक्तान
धितोको विवरण
शमसेर बहादुर योञ्जनको छोरी, चन्द्र बहादुर मोक्तानको बुहारी, सुन्दर लामा मोक्तानको पत्नि, मकवानपुर जिल्ला, चुरियामाई गा.वि.स. वडा नं. ३ स्थायी ठेगाना भई हाल मकवानपुर जिल्ला, हेटौडा उ.म.न.पा. वडा नं. १४ बस्ने कृष्णमाया योञ्जनको नाममा मालपोत कार्यालय मकवानपुरमा दर्ता कायम रहेको मकवानपुर जिल्ला, हेटौडा न.पा. वडा नं. १ (हाल हेटौडा उ.म.न.पा. वडा नं. १४) स्थित कित्ता नं. ३२१ को क्षेत्रफल ०-०-१-२ (रोपनी) को जग्गा र सो जग्गामाथि बनेको घर समेत ।
२०)	ऋणी: सचिन श्रेष्ठ
स्थायी ठेगाना: दोलखा जिल्ला, कटाकुटी गा.वि.स. वडा नं. ९, हालको ठेगाना: भक्तपुर जिल्ला, मध्यपुर थिमी न.पा. वडा नं. ६, बाबु: ध्रुव कुमार श्रेष्ठ, बाजे: पदम बहादुर श्रेष्ठ
धितोको विवरण
पदम बहादुर श्रेष्ठको नाति, ध्रुव कुमार श्रेष्ठको छोरा, दोलखा जिल्ला, कटाकुटी गा.वि.स. वडा नं. ९ स्थायी ठेगाना भई हाल भक्तपुर जिल्ला, मध्यपुर थिमी न.पा. वडा नं. ६ बस्ने सचिन श्रेष्ठको नाममा भूमिसुधार तथा मालपोत कार्यालय भक्तपुरमा दर्ता कायम रहेको भक्तपुर जिल्ला, लिवाली गा.वि.स. वडा नं. ८ (हाल भक्तपुर न.पा. वडा नं. ८) स्थित कित्ता नं. ५२५ को क्षेत्रफल २४६.३० (व.मि.) को जग्गा र सो जग्गामाथि बनेको घर समेत ।
